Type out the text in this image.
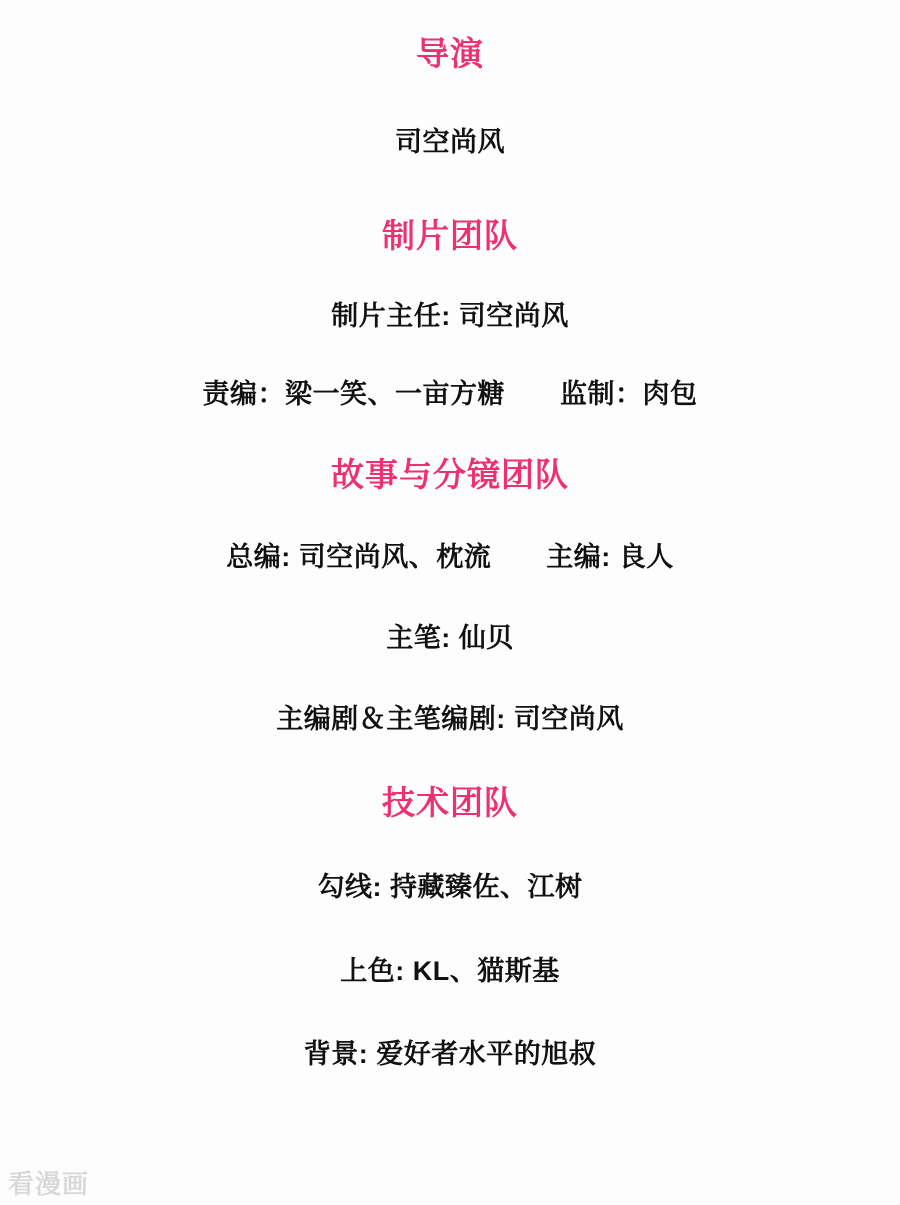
导演

司空尚风

制片团队

制片主任: 司空尚风

责编：梁一笑、一亩方糖　　监制：肉包

故事与分镜团队

总编: 司空尚风、枕流　　主编: 良人

主笔: 仙贝

主编剧＆主笔编剧: 司空尚风

技术团队

勾线: 持藏臻佐、江树

上色: KL、猫斯基

背景: 爱好者水平的旭叔

看漫画
